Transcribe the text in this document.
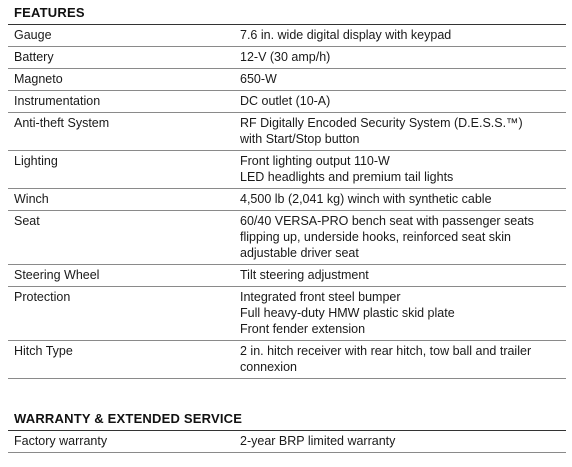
FEATURES
Gauge	7.6 in. wide digital display with keypad
Battery	12-V (30 amp/h)
Magneto	650-W
Instrumentation	DC outlet (10-A)
Anti-theft System	RF Digitally Encoded Security System (D.E.S.S.™)
with Start/Stop button
Lighting	Front lighting output 110-W
LED headlights and premium tail lights
Winch	4,500 lb (2,041 kg) winch with synthetic cable
Seat	60/40 VERSA-PRO bench seat with passenger seats
flipping up, underside hooks, reinforced seat skin
adjustable driver seat
Steering Wheel	Tilt steering adjustment
Protection	Integrated front steel bumper
Full heavy-duty HMW plastic skid plate
Front fender extension
Hitch Type	2 in. hitch receiver with rear hitch, tow ball and trailer
connexion
WARRANTY & EXTENDED SERVICE
Factory warranty	2-year BRP limited warranty
